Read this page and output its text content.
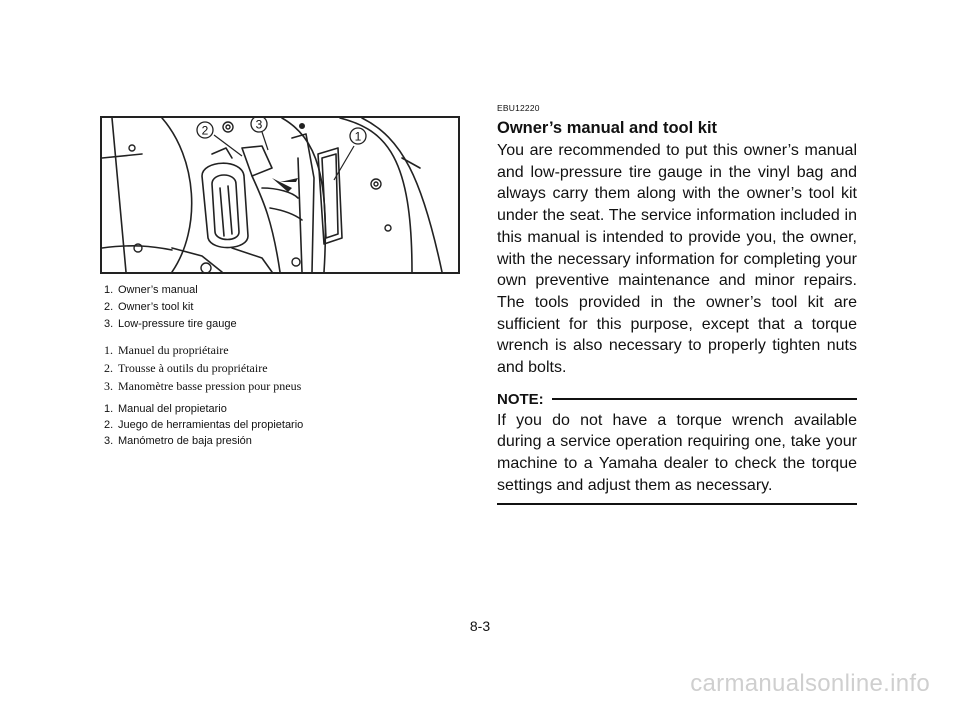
2	3
1
1. Owner’s manual
2. Owner’s tool kit
3. Low-pressure tire gauge
1. Manuel du propriétaire
2. Trousse à outils du propriétaire
3. Manomètre basse pression pour pneus
1. Manual del propietario
2. Juego de herramientas del propietario
3. Manómetro de baja presión
EBU12220
Owner’s manual and tool kit

You are recommended to put this owner’s manual and low-pressure tire gauge in the vinyl bag and always carry them along with the owner’s tool kit under the seat. The service information included in this manual is intended to provide you, the owner, with the necessary information for completing your own preventive maintenance and minor repairs. The tools provided in the owner’s tool kit are sufficient for this purpose, except that a torque wrench is also necessary to properly tighten nuts and bolts.

NOTE:

If you do not have a torque wrench available during a service operation requiring one, take your machine to a Yamaha dealer to check the torque settings and adjust them as necessary.

8-3
carmanualsonline.info
